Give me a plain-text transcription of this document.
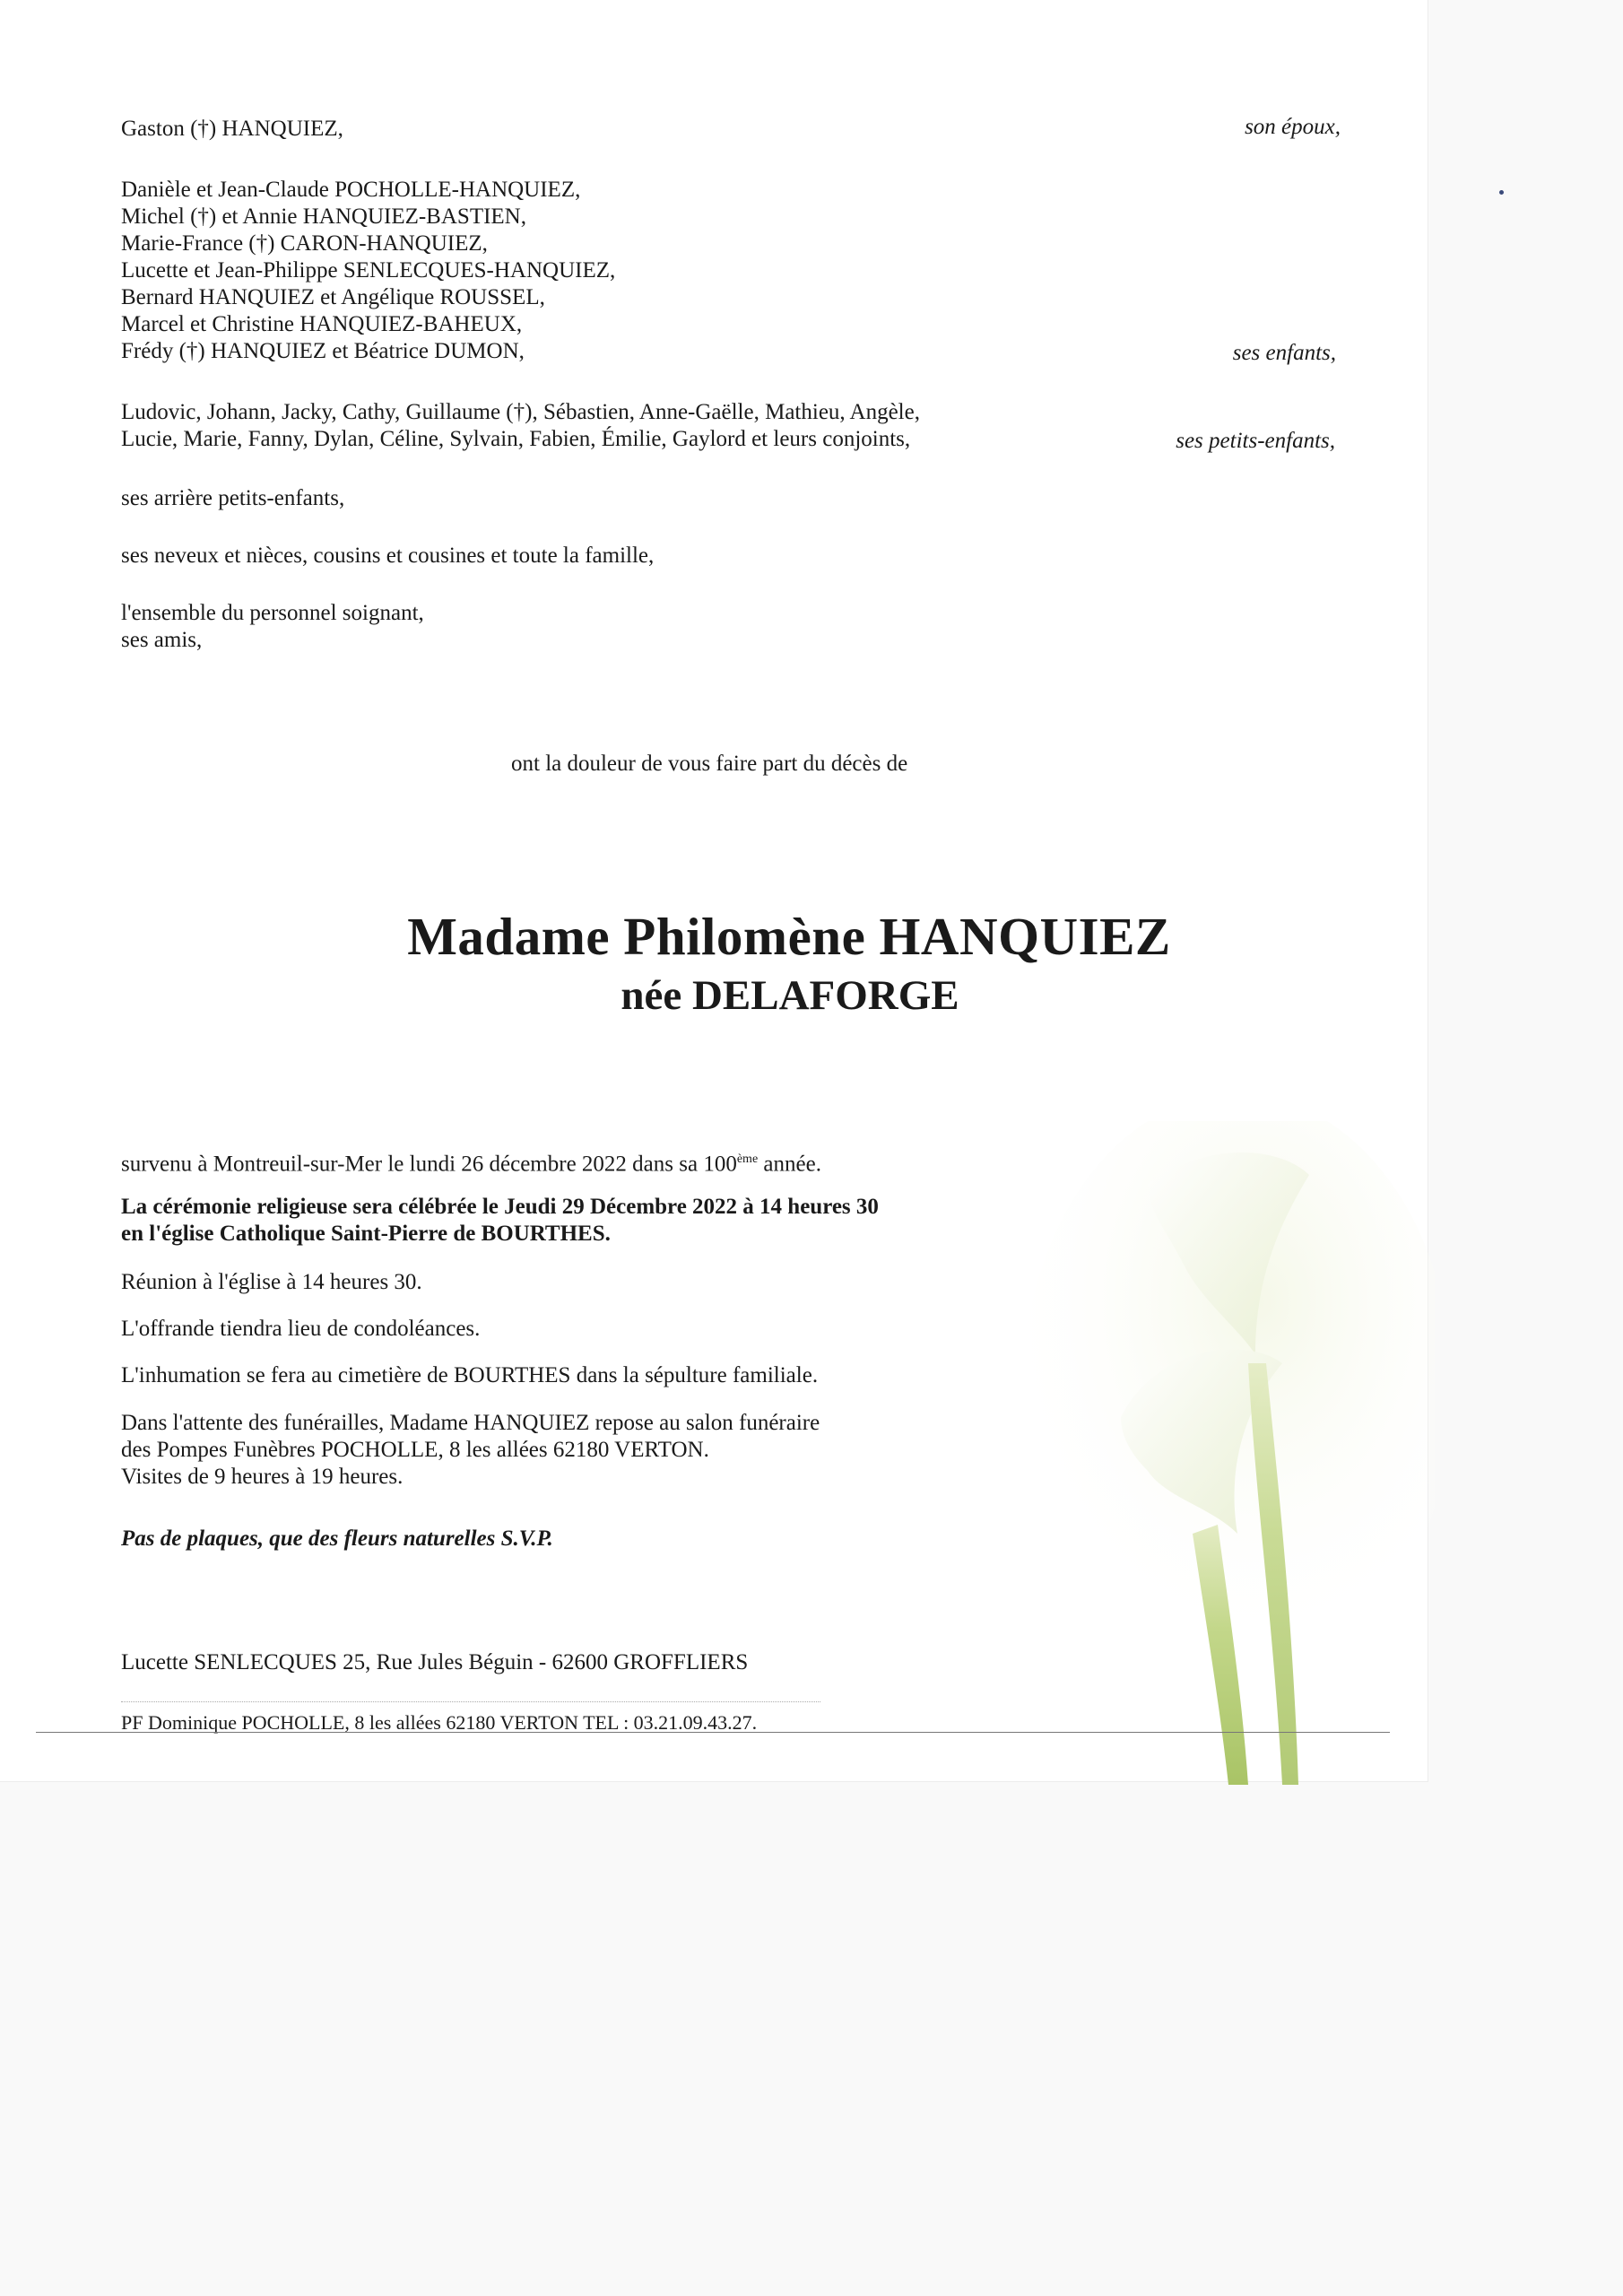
Gaston (†) HANQUIEZ,	son époux,
Danièle et Jean-Claude POCHOLLE-HANQUIEZ,
Michel (†) et Annie HANQUIEZ-BASTIEN,
Marie-France (†) CARON-HANQUIEZ,
Lucette et Jean-Philippe SENLECQUES-HANQUIEZ,
Bernard HANQUIEZ et Angélique ROUSSEL,
Marcel et Christine HANQUIEZ-BAHEUX,
Frédy (†) HANQUIEZ et Béatrice DUMON,	ses enfants,
Ludovic, Johann, Jacky, Cathy, Guillaume (†), Sébastien, Anne-Gaëlle, Mathieu, Angèle,
Lucie, Marie, Fanny, Dylan, Céline, Sylvain, Fabien, Émilie, Gaylord et leurs conjoints,	ses petits-enfants,
ses arrière petits-enfants,
ses neveux et nièces, cousins et cousines et toute la famille,
l'ensemble du personnel soignant,
ses amis,
ont la douleur de vous faire part du décès de
Madame Philomène HANQUIEZ
née DELAFORGE
survenu à Montreuil-sur-Mer le lundi 26 décembre 2022 dans sa 100ème année.
La cérémonie religieuse sera célébrée le Jeudi 29 Décembre 2022 à 14 heures 30
en l'église Catholique Saint-Pierre de BOURTHES.
Réunion à l'église à 14 heures 30.
L'offrande tiendra lieu de condoléances.
L'inhumation se fera au cimetière de BOURTHES dans la sépulture familiale.
Dans l'attente des funérailles, Madame HANQUIEZ repose au salon funéraire
des Pompes Funèbres POCHOLLE, 8 les allées 62180 VERTON.
Visites de 9 heures à 19 heures.
Pas de plaques, que des fleurs naturelles S.V.P.
Lucette SENLECQUES 25, Rue Jules Béguin - 62600 GROFFLIERS
PF Dominique POCHOLLE, 8 les allées 62180 VERTON TEL : 03.21.09.43.27.
